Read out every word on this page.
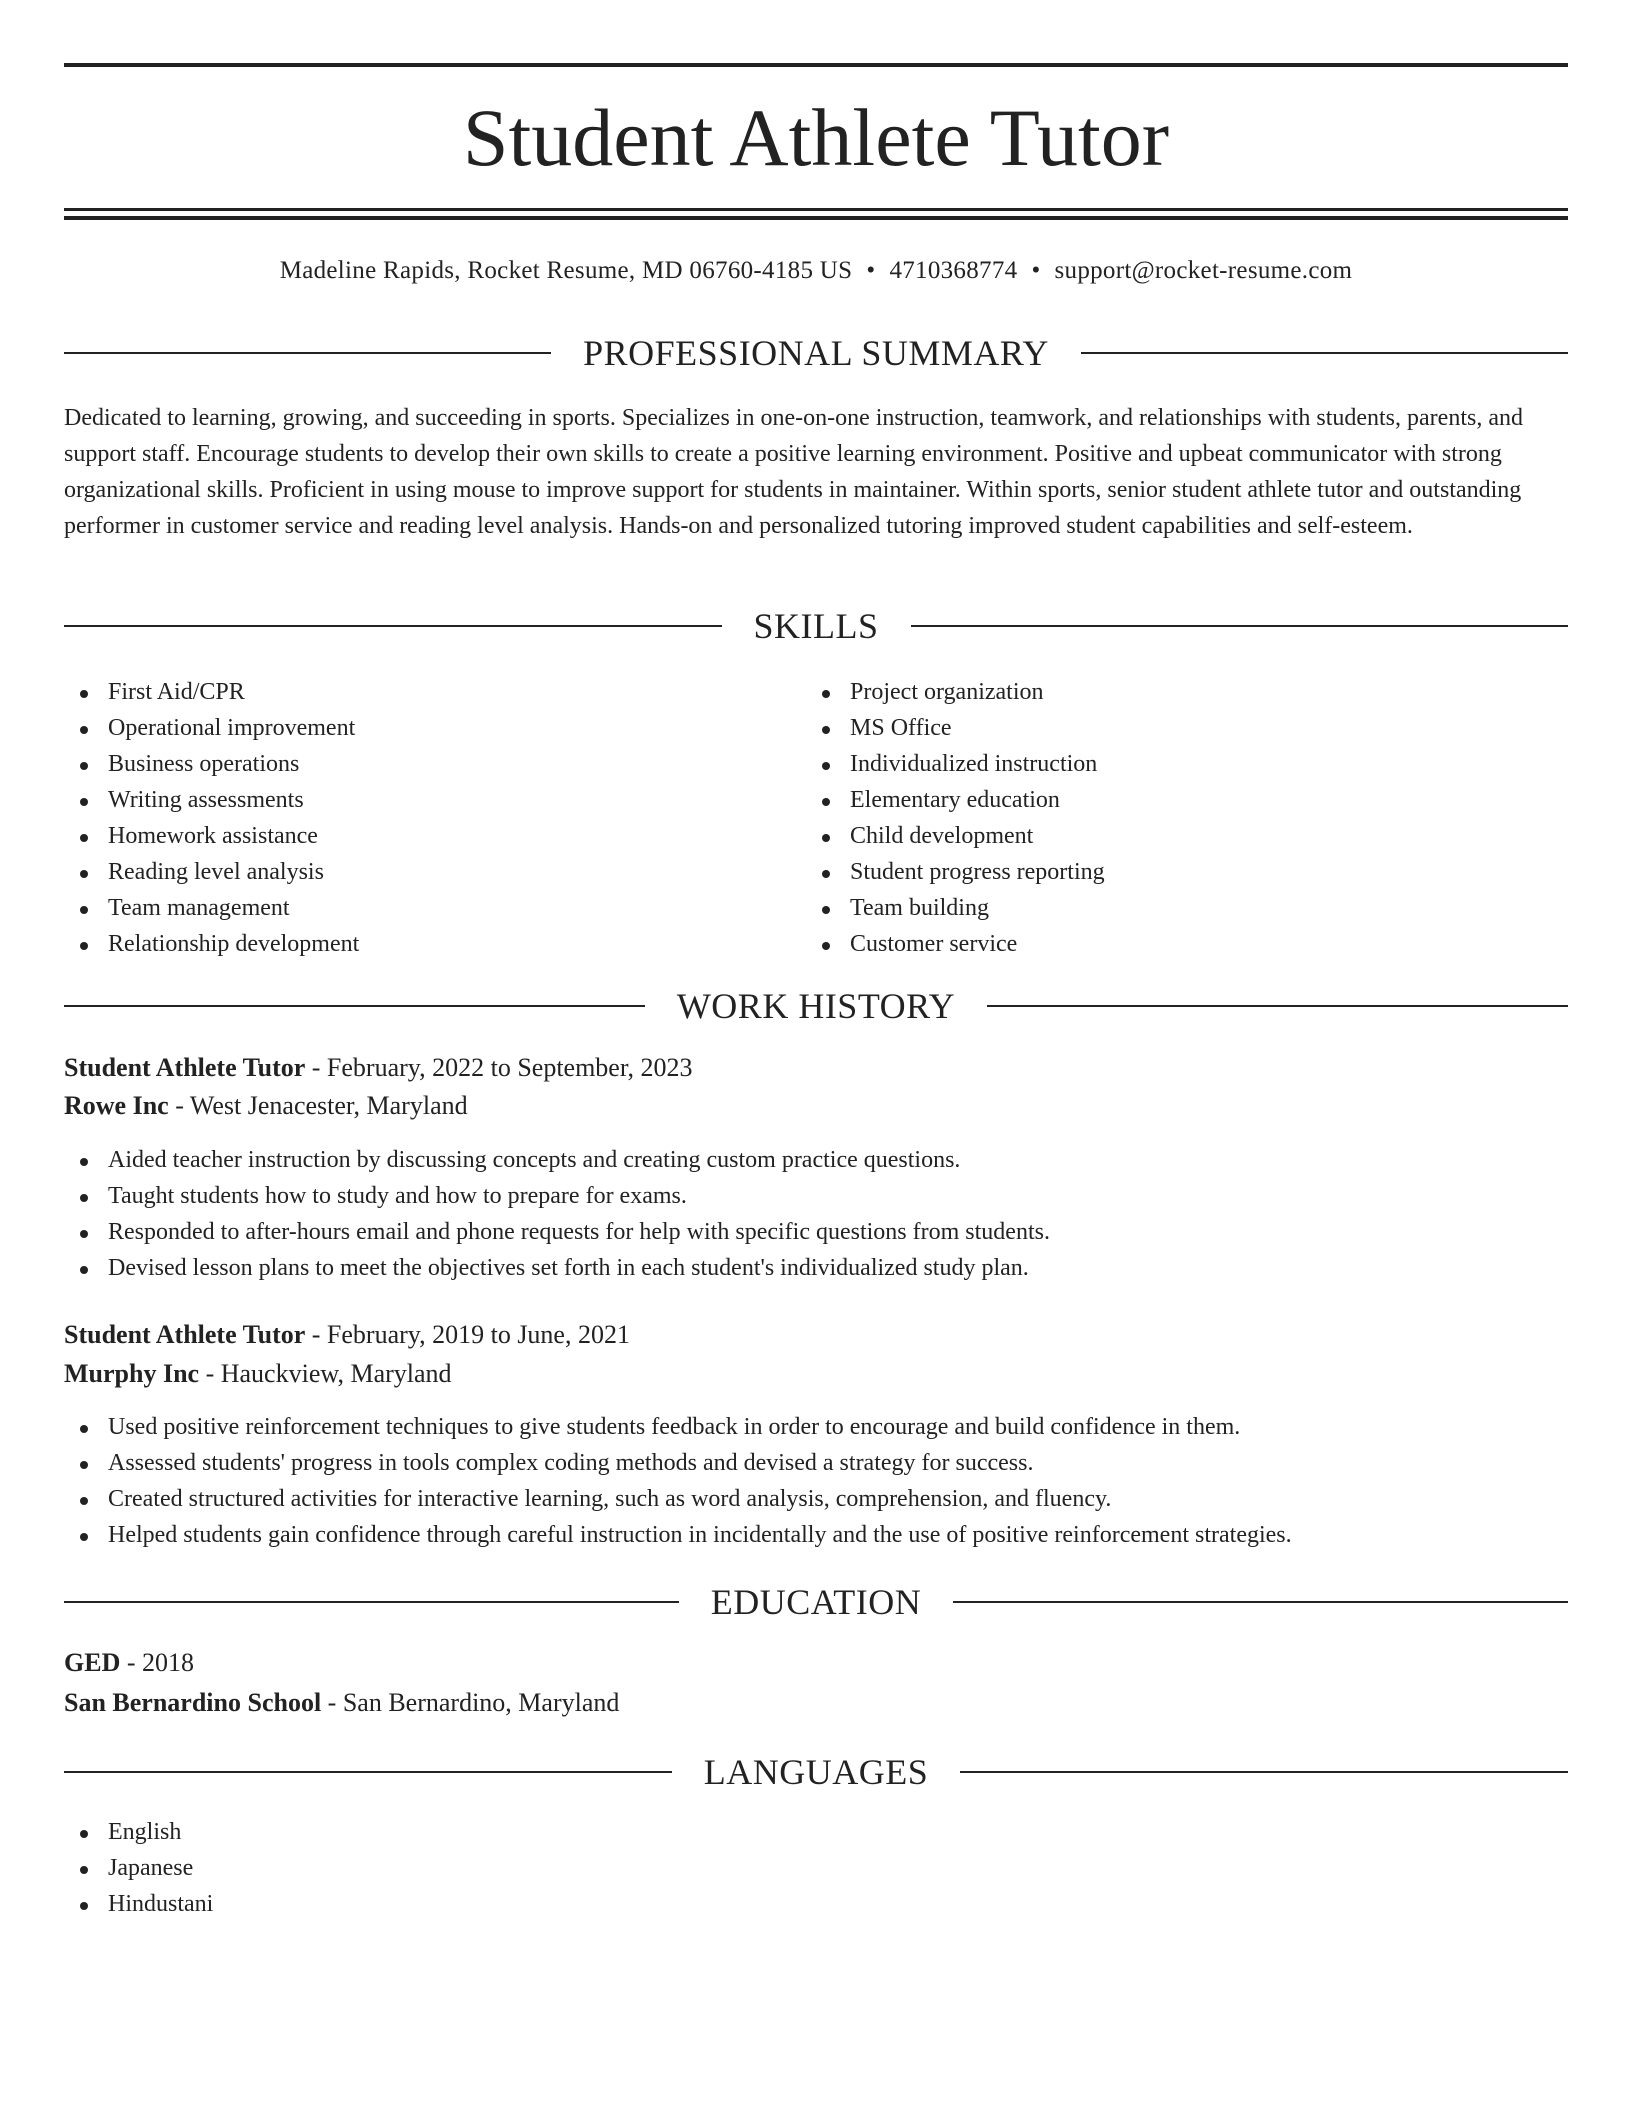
Student Athlete Tutor
Madeline Rapids, Rocket Resume, MD 06760-4185 US • 4710368774 • support@rocket-resume.com
PROFESSIONAL SUMMARY

Dedicated to learning, growing, and succeeding in sports. Specializes in one-on-one instruction, teamwork, and relationships with students, parents, and support staff. Encourage students to develop their own skills to create a positive learning environment. Positive and upbeat communicator with strong organizational skills. Proficient in using mouse to improve support for students in maintainer. Within sports, senior student athlete tutor and outstanding performer in customer service and reading level analysis. Hands-on and personalized tutoring improved student capabilities and self-esteem.

SKILLS
First Aid/CPR
Operational improvement
Business operations
Writing assessments
Homework assistance
Reading level analysis
Team management
Relationship development
Project organization
MS Office
Individualized instruction
Elementary education
Child development
Student progress reporting
Team building
Customer service
WORK HISTORY
Student Athlete Tutor - February, 2022 to September, 2023
Rowe Inc - West Jenacester, Maryland
Aided teacher instruction by discussing concepts and creating custom practice questions.
Taught students how to study and how to prepare for exams.
Responded to after-hours email and phone requests for help with specific questions from students.
Devised lesson plans to meet the objectives set forth in each student's individualized study plan.
Student Athlete Tutor - February, 2019 to June, 2021
Murphy Inc - Hauckview, Maryland
Used positive reinforcement techniques to give students feedback in order to encourage and build confidence in them.
Assessed students' progress in tools complex coding methods and devised a strategy for success.
Created structured activities for interactive learning, such as word analysis, comprehension, and fluency.
Helped students gain confidence through careful instruction in incidentally and the use of positive reinforcement strategies.
EDUCATION
GED - 2018
San Bernardino School - San Bernardino, Maryland
LANGUAGES
English
Japanese
Hindustani
